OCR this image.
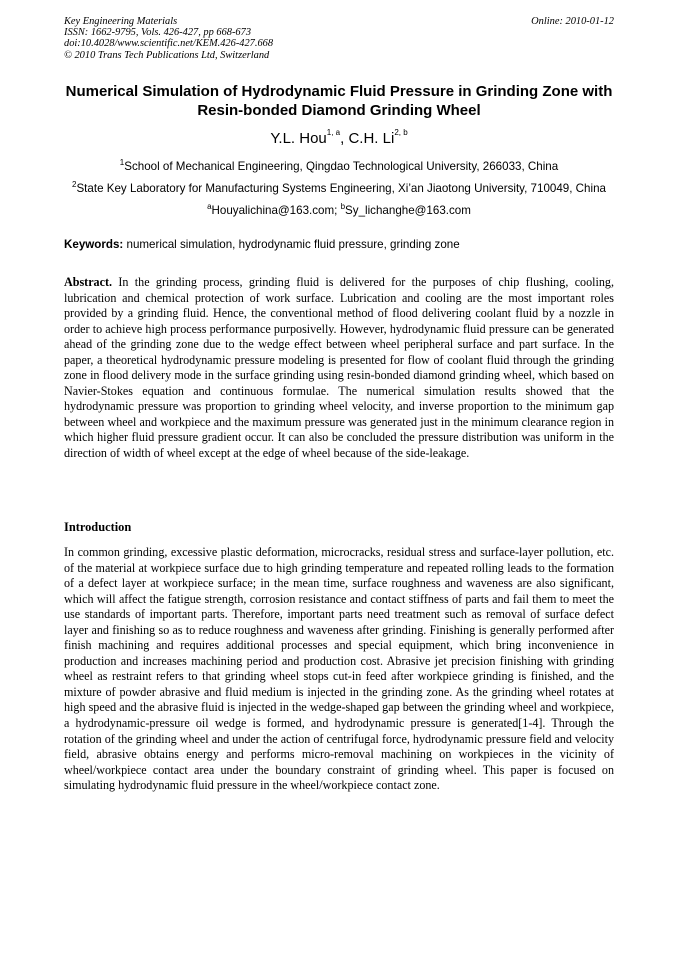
Key Engineering Materials
ISSN: 1662-9795, Vols. 426-427, pp 668-673
doi:10.4028/www.scientific.net/KEM.426-427.668
© 2010 Trans Tech Publications Ltd, Switzerland
Online: 2010-01-12
Numerical Simulation of Hydrodynamic Fluid Pressure in Grinding Zone with Resin-bonded Diamond Grinding Wheel
Y.L. Hou$^{1, a}$, C.H. Li$^{2, b}$
$^1$School of Mechanical Engineering, Qingdao Technological University, 266033, China
$^2$State Key Laboratory for Manufacturing Systems Engineering, Xi’an Jiaotong University, 710049, China
$^a$Houyalichina@163.com; $^b$Sy_lichanghe@163.com
Keywords: numerical simulation, hydrodynamic fluid pressure, grinding zone
Abstract. In the grinding process, grinding fluid is delivered for the purposes of chip flushing, cooling, lubrication and chemical protection of work surface. Lubrication and cooling are the most important roles provided by a grinding fluid. Hence, the conventional method of flood delivering coolant fluid by a nozzle in order to achieve high process performance purposivelly. However, hydrodynamic fluid pressure can be generated ahead of the grinding zone due to the wedge effect between wheel peripheral surface and part surface. In the paper, a theoretical hydrodynamic pressure modeling is presented for flow of coolant fluid through the grinding zone in flood delivery mode in the surface grinding using resin-bonded diamond grinding wheel, which based on Navier-Stokes equation and continuous formulae. The numerical simulation results showed that the hydrodynamic pressure was proportion to grinding wheel velocity, and inverse proportion to the minimum gap between wheel and workpiece and the maximum pressure was generated just in the minimum clearance region in which higher fluid pressure gradient occur. It can also be concluded the pressure distribution was uniform in the direction of width of wheel except at the edge of wheel because of the side-leakage.
Introduction
In common grinding, excessive plastic deformation, microcracks, residual stress and surface-layer pollution, etc. of the material at workpiece surface due to high grinding temperature and repeated rolling leads to the formation of a defect layer at workpiece surface; in the mean time, surface roughness and waveness are also significant, which will affect the fatigue strength, corrosion resistance and contact stiffness of parts and fail them to meet the use standards of important parts. Therefore, important parts need treatment such as removal of surface defect layer and finishing so as to reduce roughness and waveness after grinding. Finishing is generally performed after finish machining and requires additional processes and special equipment, which bring inconvenience in production and increases machining period and production cost. Abrasive jet precision finishing with grinding wheel as restraint refers to that grinding wheel stops cut-in feed after workpiece grinding is finished, and the mixture of powder abrasive and fluid medium is injected in the grinding zone. As the grinding wheel rotates at high speed and the abrasive fluid is injected in the wedge-shaped gap between the grinding wheel and workpiece, a hydrodynamic-pressure oil wedge is formed, and hydrodynamic pressure is generated[1-4]. Through the rotation of the grinding wheel and under the action of centrifugal force, hydrodynamic pressure field and velocity field, abrasive obtains energy and performs micro-removal machining on workpieces in the vicinity of wheel/workpiece contact area under the boundary constraint of grinding wheel. This paper is focused on simulating hydrodynamic fluid pressure in the wheel/workpiece contact zone.
